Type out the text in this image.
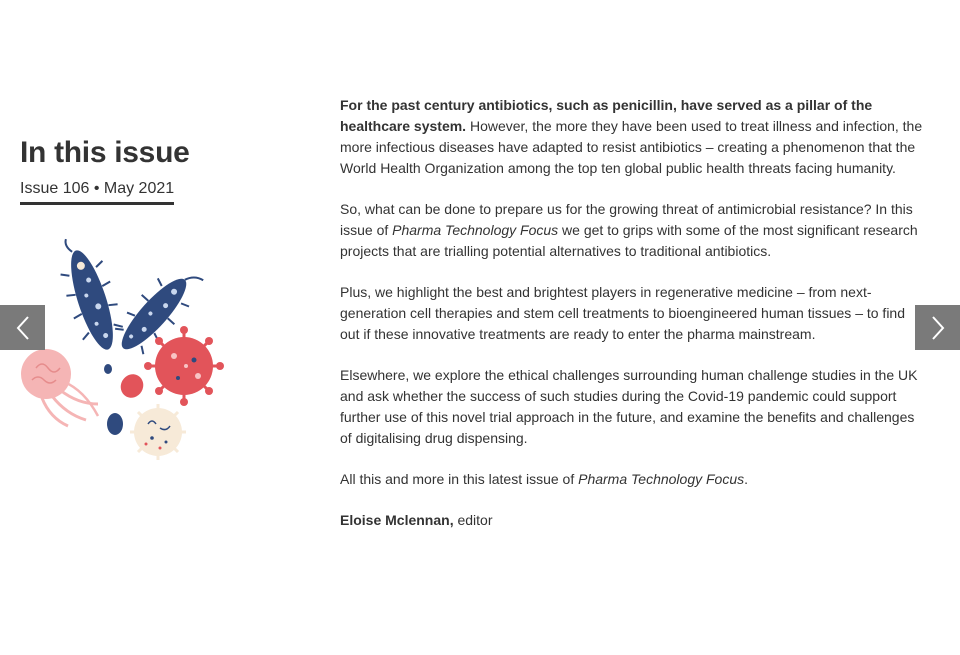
In this issue
Issue 106 • May 2021

For the past century antibiotics, such as penicillin, have served as a pillar of the healthcare system. However, the more they have been used to treat illness and infection, the more infectious diseases have adapted to resist antibiotics – creating a phenomenon that the World Health Organization among the top ten global public health threats facing humanity.

So, what can be done to prepare us for the growing threat of antimicrobial resistance? In this issue of Pharma Technology Focus we get to grips with some of the most significant research projects that are trialling potential alternatives to traditional antibiotics.

Plus, we highlight the best and brightest players in regenerative medicine – from next-generation cell therapies and stem cell treatments to bioengineered human tissues – to find out if these innovative treatments are ready to enter the pharma mainstream.

Elsewhere, we explore the ethical challenges surrounding human challenge studies in the UK and ask whether the success of such studies during the Covid-19 pandemic could support further use of this novel trial approach in the future, and examine the benefits and challenges of digitalising drug dispensing.

All this and more in this latest issue of Pharma Technology Focus.

Eloise Mclennan, editor
